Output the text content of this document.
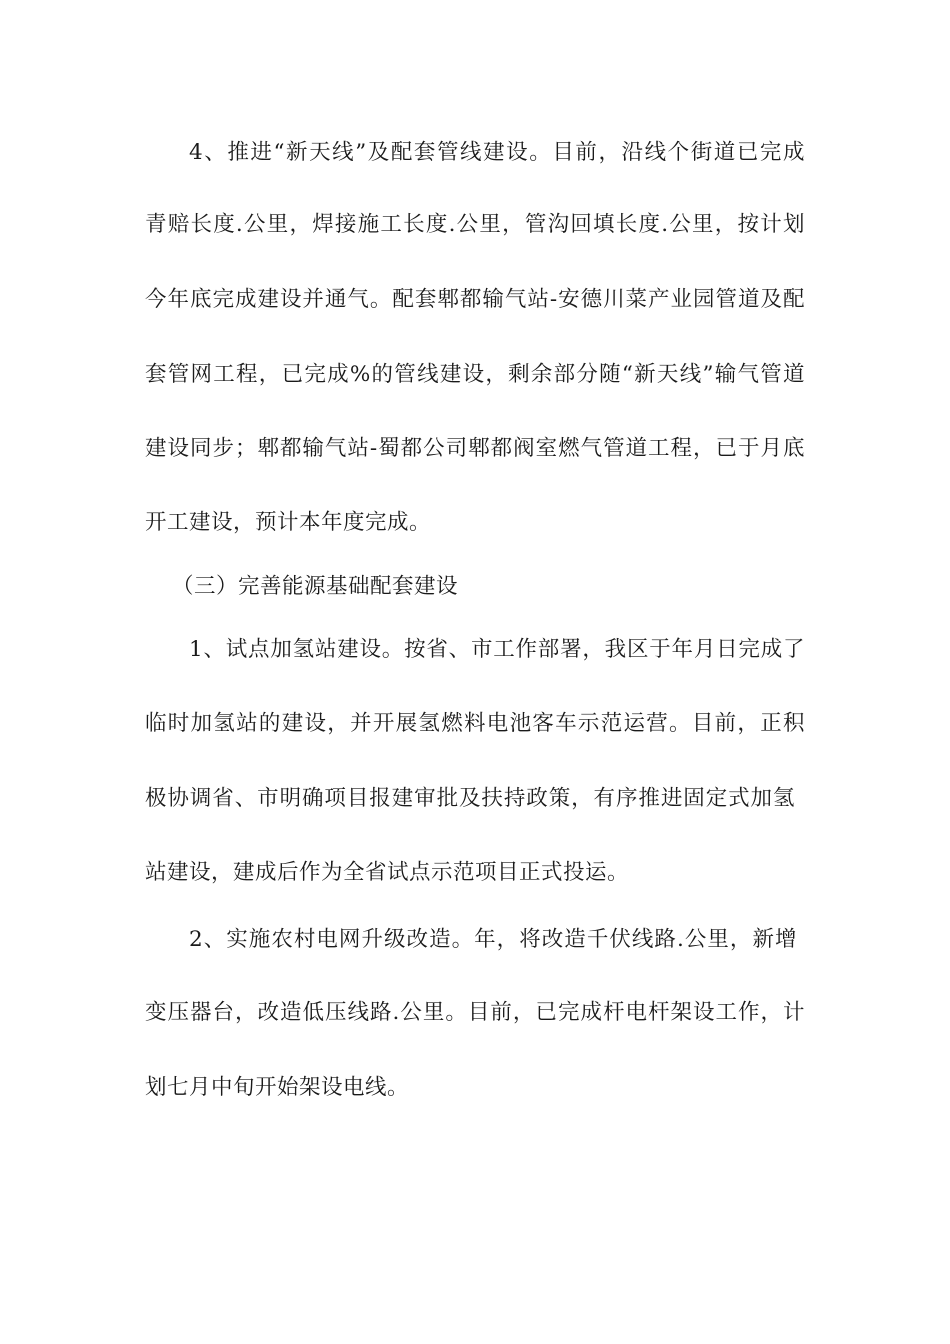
4、推进“新天线”及配套管线建设。目前，沿线个街道已完成
青赔长度.公里，焊接施工长度.公里，管沟回填长度.公里，按计划
今年底完成建设并通气。配套郫都输气站-安德川菜产业园管道及配
套管网工程，已完成%的管线建设，剩余部分随“新天线”输气管道
建设同步；郫都输气站-蜀都公司郫都阀室燃气管道工程，已于月底
开工建设，预计本年度完成。
（三）完善能源基础配套建设
1、试点加氢站建设。按省、市工作部署，我区于年月日完成了
临时加氢站的建设，并开展氢燃料电池客车示范运营。目前，正积
极协调省、市明确项目报建审批及扶持政策，有序推进固定式加氢
站建设，建成后作为全省试点示范项目正式投运。
2、实施农村电网升级改造。年，将改造千伏线路.公里，新增
变压器台，改造低压线路.公里。目前，已完成杆电杆架设工作，计
划七月中旬开始架设电线。
